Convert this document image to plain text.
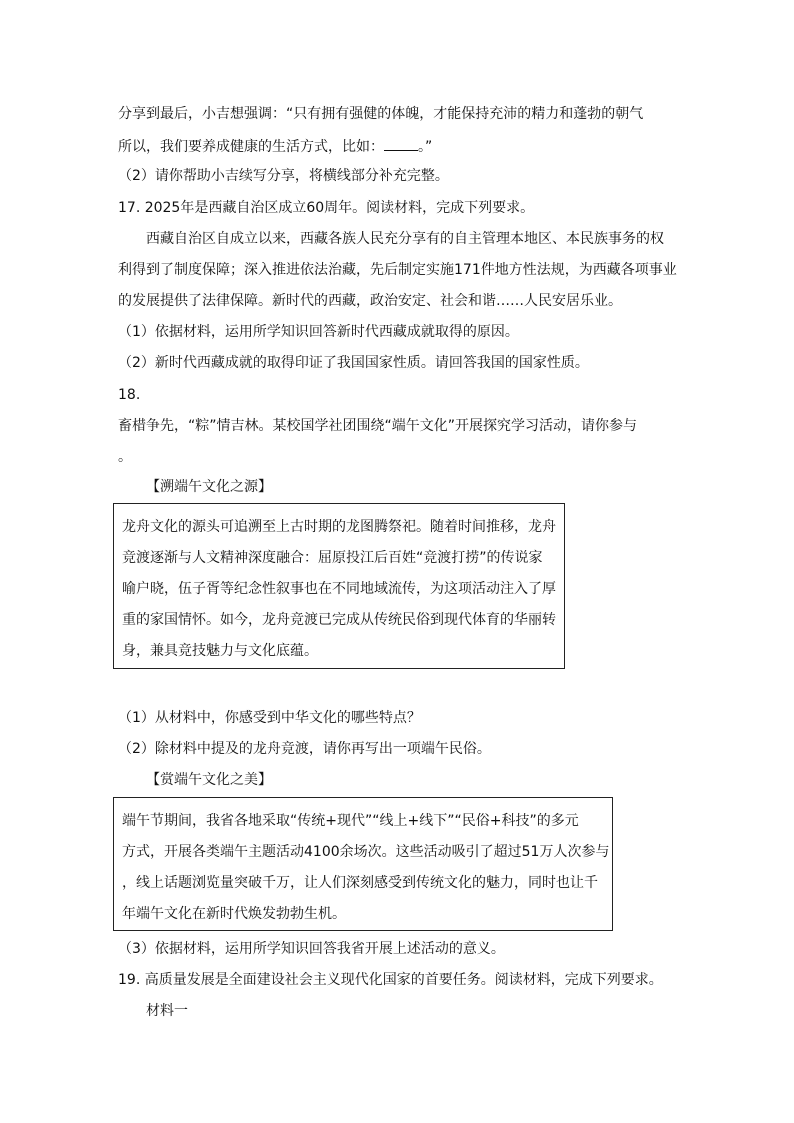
分享到最后，小吉想强调：“只有拥有强健的体魄，才能保持充沛的精力和蓬勃的朝气
所以，我们要养成健康的生活方式，比如： 。”
（2）请你帮助小吉续写分享，将横线部分补充完整。
17. 2025年是西藏自治区成立60周年。阅读材料，完成下列要求。
西藏自治区自成立以来，西藏各族人民充分享有的自主管理本地区、本民族事务的权
利得到了制度保障；深入推进依法治藏，先后制定实施171件地方性法规，为西藏各项事业
的发展提供了法律保障。新时代的西藏，政治安定、社会和谐……人民安居乐业。
（1）依据材料，运用所学知识回答新时代西藏成就取得的原因。
（2）新时代西藏成就的取得印证了我国国家性质。请回答我国的国家性质。
18.
畜棤争先，“粽”情吉林。某校国学社团围绕“端午文化”开展探究学习活动，请你参与
。
【溯端午文化之源】
龙舟文化的源头可追溯至上古时期的龙图腾祭祀。随着时间推移，龙舟
竞渡逐渐与人文精神深度融合：屈原投江后百姓“竞渡打捞”的传说家
喻户晓，伍子胥等纪念性叙事也在不同地域流传，为这项活动注入了厚
重的家国情怀。如今，龙舟竞渡已完成从传统民俗到现代体育的华丽转
身，兼具竞技魅力与文化底蕴。
（1）从材料中，你感受到中华文化的哪些特点？
（2）除材料中提及的龙舟竞渡，请你再写出一项端午民俗。
【赏端午文化之美】
端午节期间，我省各地采取“传统+现代”“线上+线下”“民俗+科技”的多元
方式，开展各类端午主题活动4100余场次。这些活动吸引了超过51万人次参与
，线上话题浏览量突破千万，让人们深刻感受到传统文化的魅力，同时也让千
年端午文化在新时代焕发勃勃生机。
（3）依据材料，运用所学知识回答我省开展上述活动的意义。
19. 高质量发展是全面建设社会主义现代化国家的首要任务。阅读材料，完成下列要求。
材料一
